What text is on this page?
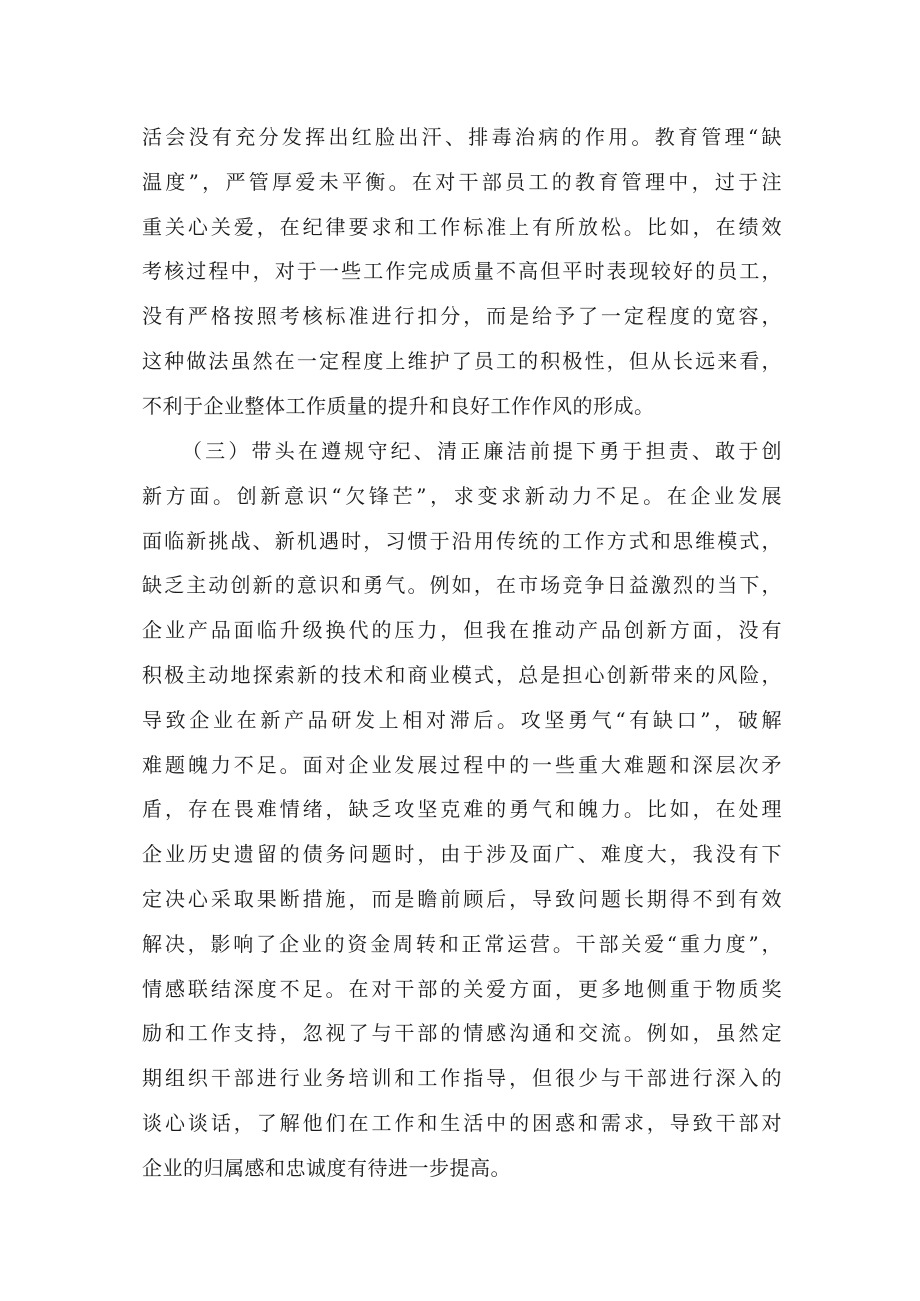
活会没有充分发挥出红脸出汗、排毒治病的作用。教育管理“缺
温度”，严管厚爱未平衡。在对干部员工的教育管理中，过于注
重关心关爱，在纪律要求和工作标准上有所放松。比如，在绩效
考核过程中，对于一些工作完成质量不高但平时表现较好的员工，
没有严格按照考核标准进行扣分，而是给予了一定程度的宽容，
这种做法虽然在一定程度上维护了员工的积极性，但从长远来看，
不利于企业整体工作质量的提升和良好工作作风的形成。
（三）带头在遵规守纪、清正廉洁前提下勇于担责、敢于创
新方面。创新意识“欠锋芒”，求变求新动力不足。在企业发展
面临新挑战、新机遇时，习惯于沿用传统的工作方式和思维模式，
缺乏主动创新的意识和勇气。例如，在市场竞争日益激烈的当下，
企业产品面临升级换代的压力，但我在推动产品创新方面，没有
积极主动地探索新的技术和商业模式，总是担心创新带来的风险，
导致企业在新产品研发上相对滞后。攻坚勇气“有缺口”，破解
难题魄力不足。面对企业发展过程中的一些重大难题和深层次矛
盾，存在畏难情绪，缺乏攻坚克难的勇气和魄力。比如，在处理
企业历史遗留的债务问题时，由于涉及面广、难度大，我没有下
定决心采取果断措施，而是瞻前顾后，导致问题长期得不到有效
解决，影响了企业的资金周转和正常运营。干部关爱“重力度”，
情感联结深度不足。在对干部的关爱方面，更多地侧重于物质奖
励和工作支持，忽视了与干部的情感沟通和交流。例如，虽然定
期组织干部进行业务培训和工作指导，但很少与干部进行深入的
谈心谈话，了解他们在工作和生活中的困惑和需求，导致干部对
企业的归属感和忠诚度有待进一步提高。
